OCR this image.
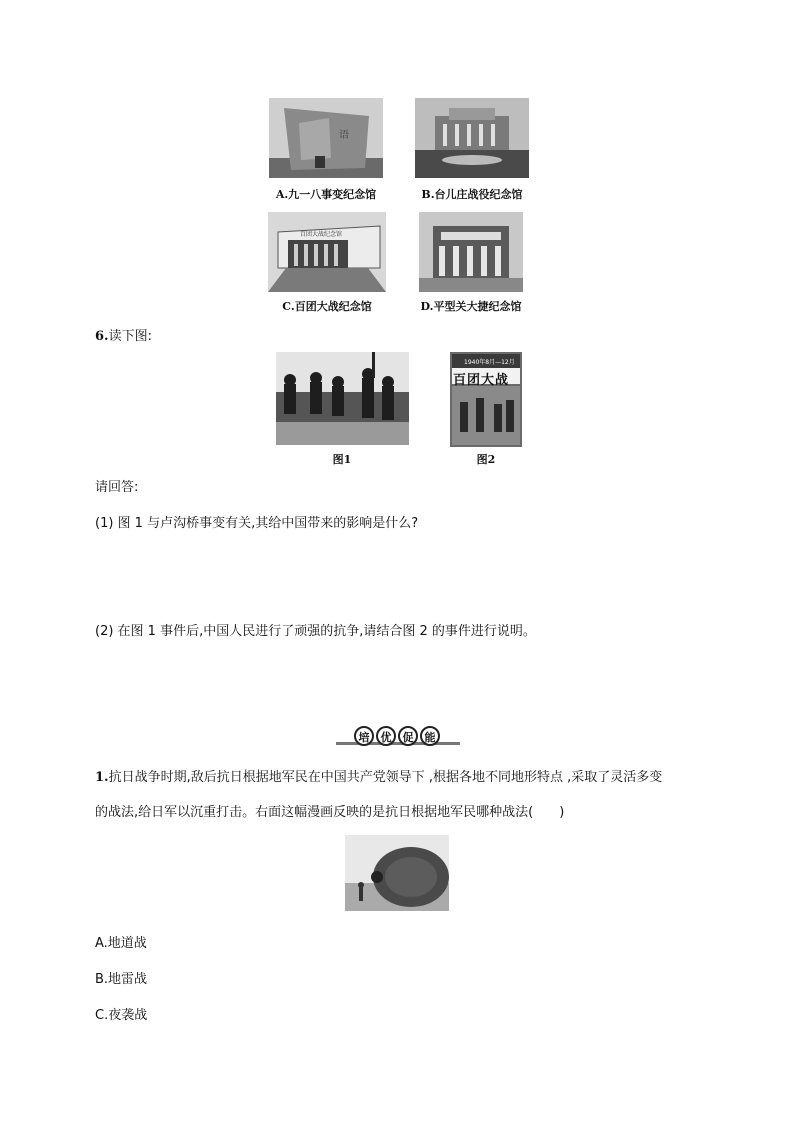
语
A.九一八事变纪念馆	B.台儿庄战役纪念馆
百团大战纪念馆
C.百团大战纪念馆	D.平型关大捷纪念馆
6.读下图:
1940年8月—12月
百团大战
图1	图2
请回答:
(1) 图 1 与卢沟桥事变有关,其给中国带来的影响是什么?
(2) 在图 1 事件后,中国人民进行了顽强的抗争,请结合图 2 的事件进行说明。
培	优	促	能
1.抗日战争时期,敌后抗日根据地军民在中国共产党领导下 ,根据各地不同地形特点 ,采取了灵活多变
的战法,给日军以沉重打击。右面这幅漫画反映的是抗日根据地军民哪种战法(　　)
A.地道战
B.地雷战
C.夜袭战
